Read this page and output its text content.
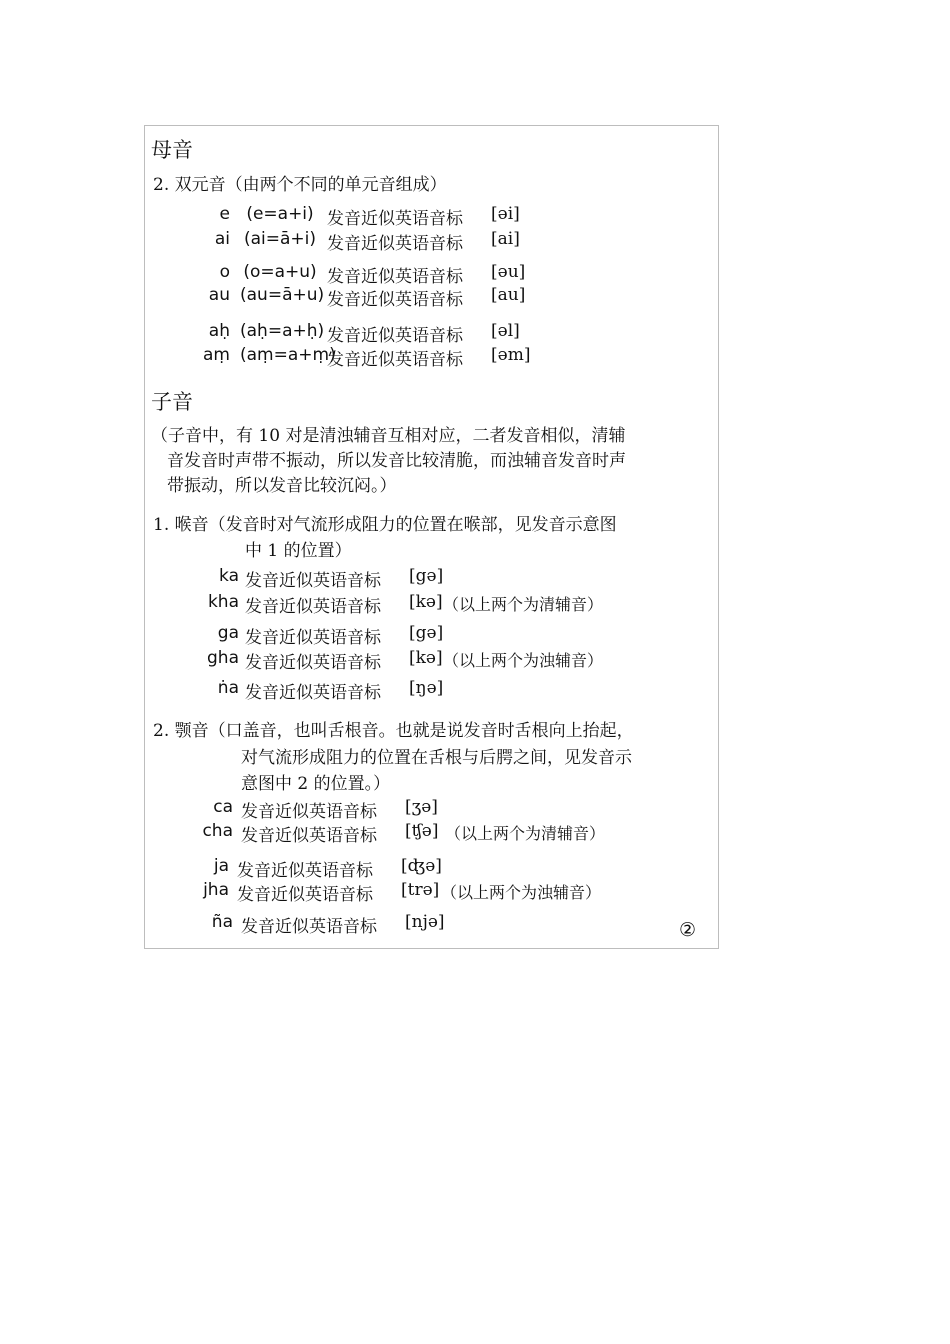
母音
2. 双元音（由两个不同的单元音组成）
e (e=a+i) 发音近似英语音标 [əi]
ai (ai=ā+i) 发音近似英语音标 [ai]
o (o=a+u) 发音近似英语音标 [əu]
au (au=ā+u) 发音近似英语音标 [au]
aḥ (aḥ=a+ḥ) 发音近似英语音标 [əl]
aṃ (aṃ=a+ṃ)
发音近似英语音标 [əm]
子音
（子音中，有 10 对是清浊辅音互相对应，二者发音相似，清辅
音发音时声带不振动，所以发音比较清脆，而浊辅音发音时声
带振动，所以发音比较沉闷。）
1. 喉音（发音时对气流形成阻力的位置在喉部，见发音示意图
中 1 的位置）
ka 发音近似英语音标 [gə]
kha 发音近似英语音标 [kə] （以上两个为清辅音）
ga 发音近似英语音标 [gə]
gha 发音近似英语音标 [kə] （以上两个为浊辅音）
ṅa 发音近似英语音标 [ŋə]
2. 颚音（口盖音，也叫舌根音。也就是说发音时舌根向上抬起，
对气流形成阻力的位置在舌根与后腭之间，见发音示
意图中 2 的位置。）
ca 发音近似英语音标 [ʒə]
cha 发音近似英语音标 [ʧə] （以上两个为清辅音）
ja 发音近似英语音标 [ʤə]
jha 发音近似英语音标 [trə] （以上两个为浊辅音）
ña 发音近似英语音标 [njə]	②
